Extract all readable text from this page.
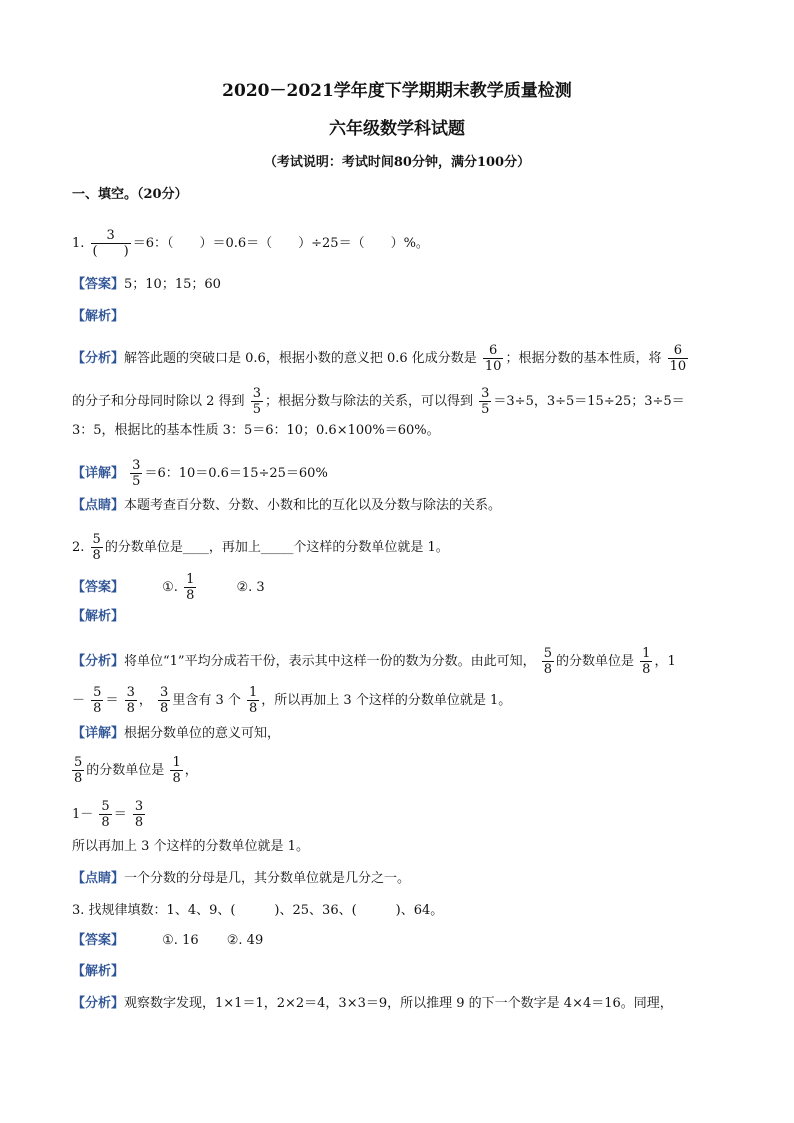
2020－2021学年度下学期期末教学质量检测
六年级数学科试题
（考试说明：考试时间80分钟，满分100分）
一、填空。（20分）
1. $\frac{3}{( )} =6$：（　　）＝0.6＝（　　）÷25＝（　　）%。
【答案】5；10；15；60
【解析】
【分析】解答此题的突破口是 0.6，根据小数的意义把 0.6 化成分数是 $\frac{6}{10}$ ；根据分数的基本性质，将 $\frac{6}{10}$
的分子和分母同时除以 2 得到 $\frac{3}{5}$ ；根据分数与除法的关系，可以得到 $\frac{3}{5} =3\div 5$，3÷5＝15÷25；3÷5＝
3：5，根据比的基本性质 3：5＝6：10；0.6×100%＝60%。
【详解】 $\frac{3}{5} =6$：10＝0.6＝15÷25＝60%
【点睛】本题考查百分数、分数、小数和比的互化以及分数与除法的关系。
2. $\frac{5}{8}$ 的分数单位是____，再加上_____个这样的分数单位就是 1。
【答案】	①. $\frac{1}{8}$	②. 3
【解析】
【分析】将单位“1”平均分成若干份，表示其中这样一份的数为分数。由此可知， $\frac{5}{8}$ 的分数单位是 $\frac{1}{8}$ ，1
－ $\frac{5}{8} = \frac{3}{8}$ ， $\frac{3}{8}$ 里含有 3 个 $\frac{1}{8}$ ，所以再加上 3 个这样的分数单位就是 1。
【详解】根据分数单位的意义可知，
$\frac{5}{8}$ 的分数单位是 $\frac{1}{8}$ ，
$1- \frac{5}{8} = \frac{3}{8}$
所以再加上 3 个这样的分数单位就是 1。
【点睛】一个分数的分母是几，其分数单位就是几分之一。
3. 找规律填数：1、4、9、(　　　)、25、36、(　　　)、64。
【答案】	①. 16 ②. 49
【解析】
【分析】观察数字发现，1×1＝1，2×2＝4，3×3＝9，所以推理 9 的下一个数字是 4×4＝16。同理，
